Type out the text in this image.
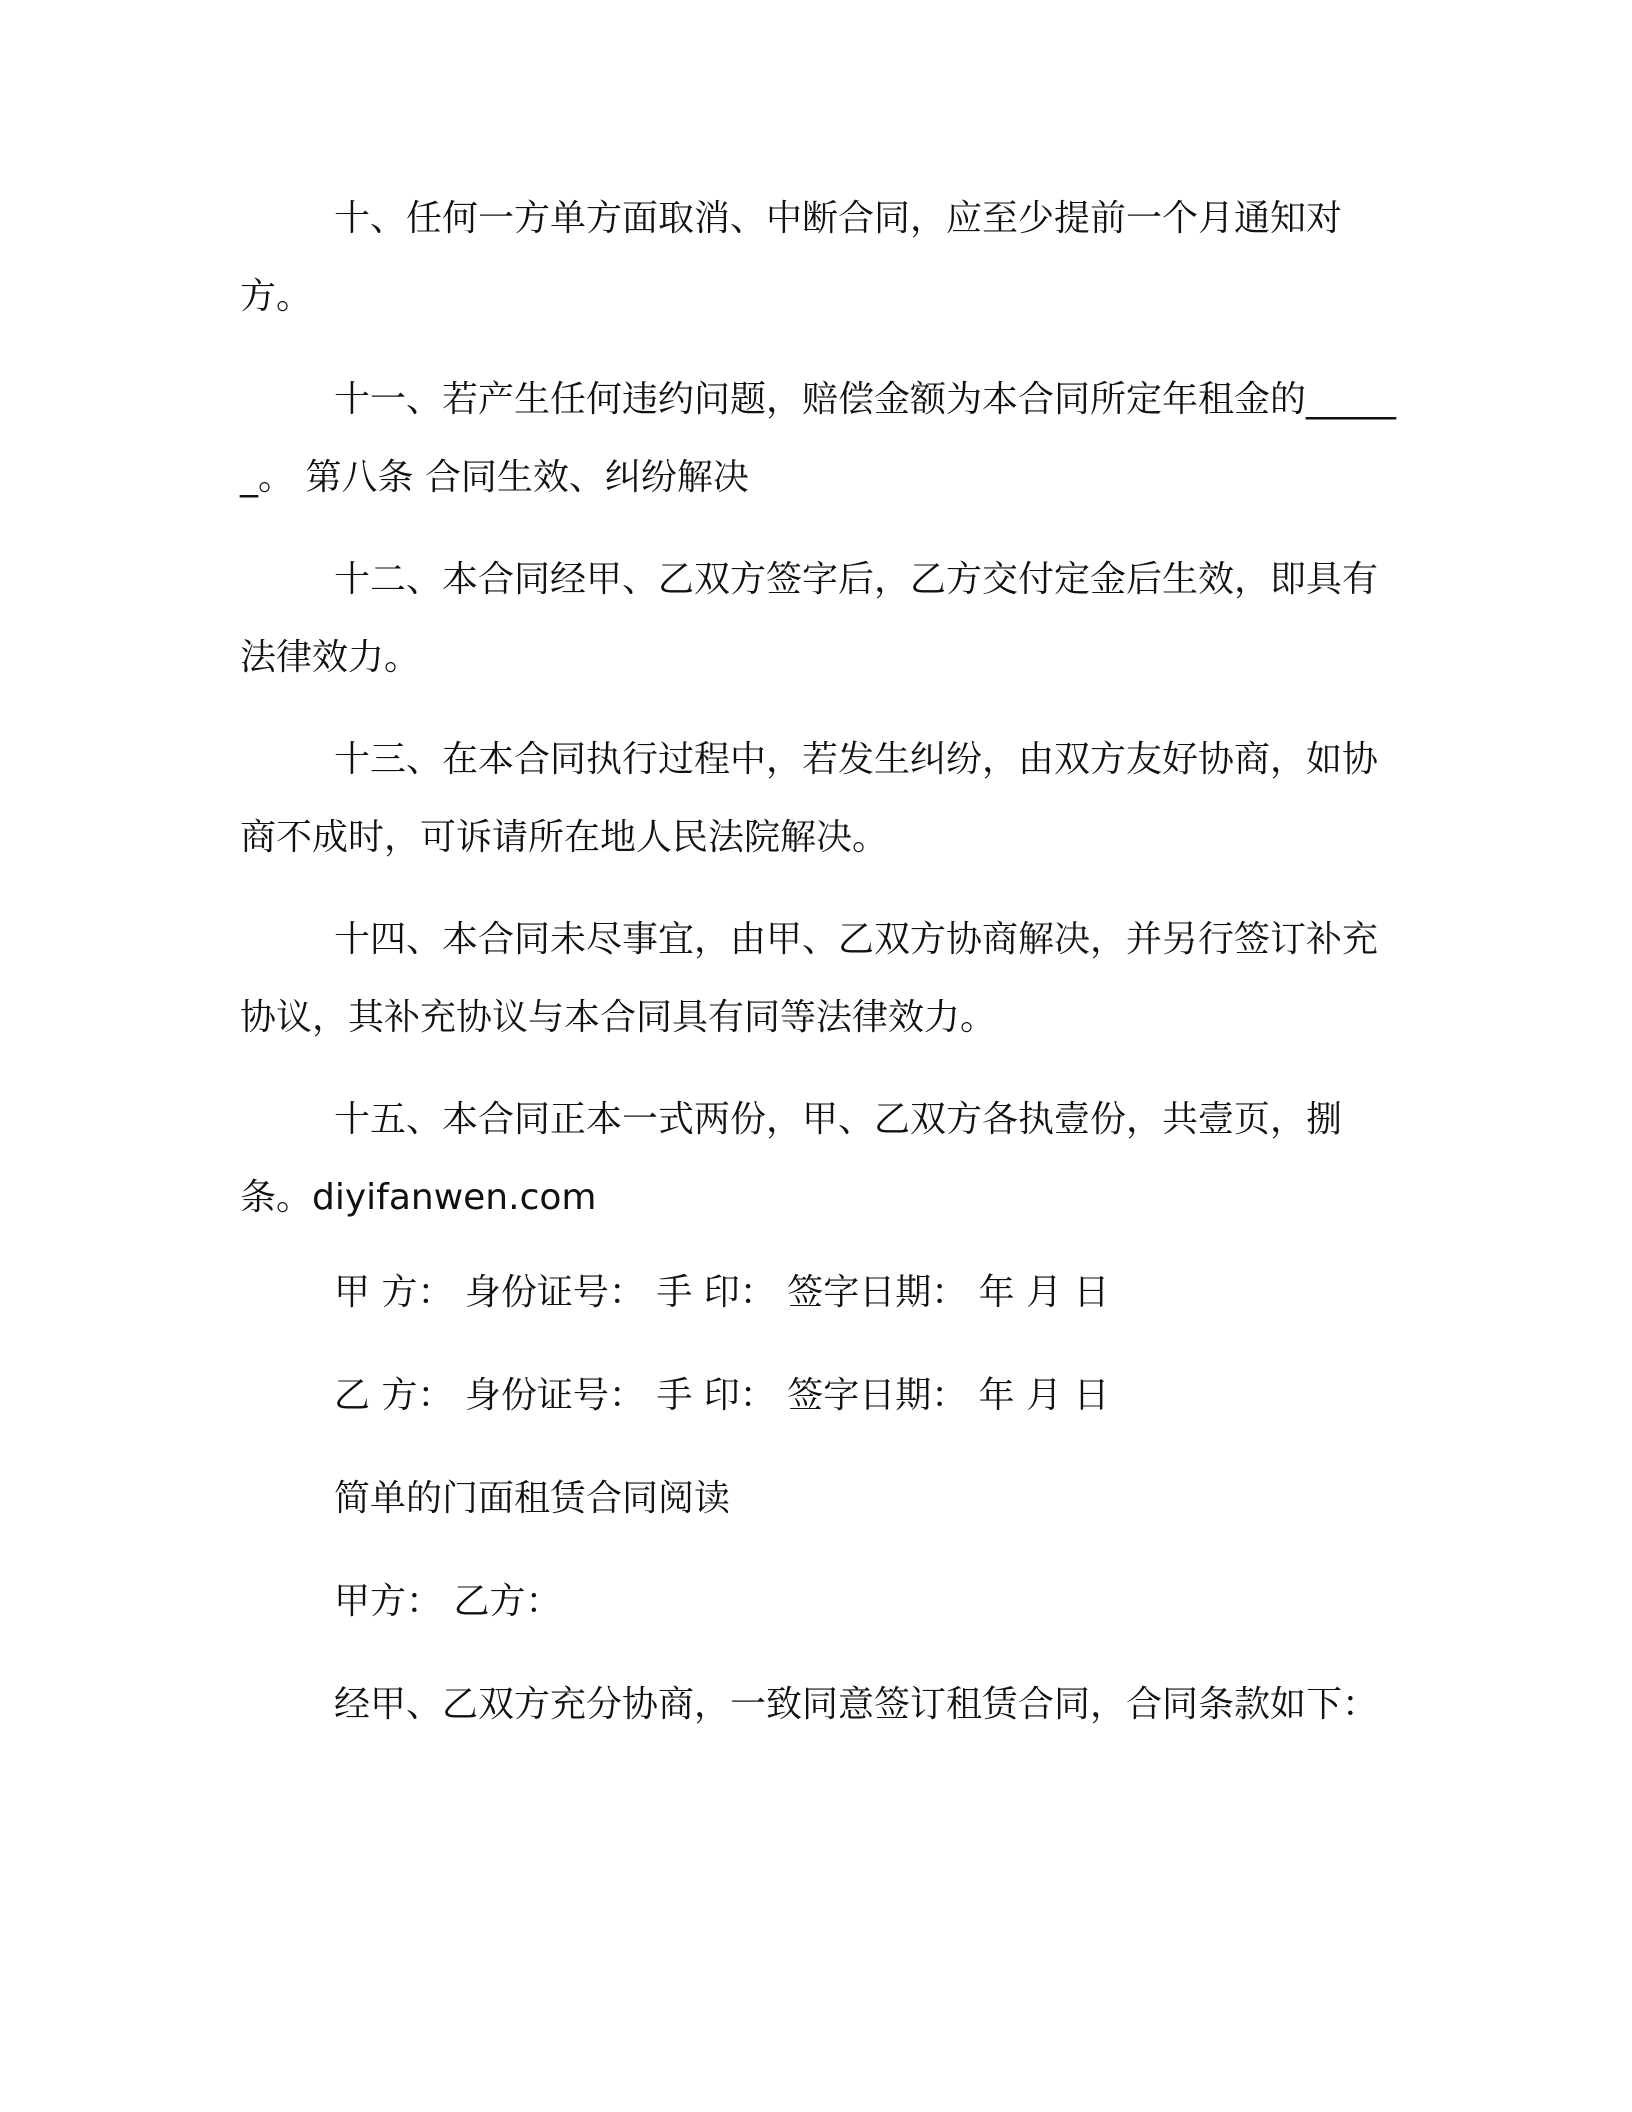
十、任何一方单方面取消、中断合同，应至少提前一个月通知对方。

十一、若产生任何违约问题，赔偿金额为本合同所定年租金的______。 第八条 合同生效、纠纷解决

十二、本合同经甲、乙双方签字后，乙方交付定金后生效，即具有法律效力。

十三、在本合同执行过程中，若发生纠纷，由双方友好协商，如协商不成时，可诉请所在地人民法院解决。

十四、本合同未尽事宜，由甲、乙双方协商解决，并另行签订补充协议，其补充协议与本合同具有同等法律效力。

十五、本合同正本一式两份，甲、乙双方各执壹份，共壹页，捌条。diyifanwen.com

甲 方： 身份证号： 手 印： 签字日期： 年 月 日

乙 方： 身份证号： 手 印： 签字日期： 年 月 日

简单的门面租赁合同阅读

甲方： 乙方：

经甲、乙双方充分协商，一致同意签订租赁合同，合同条款如下：
